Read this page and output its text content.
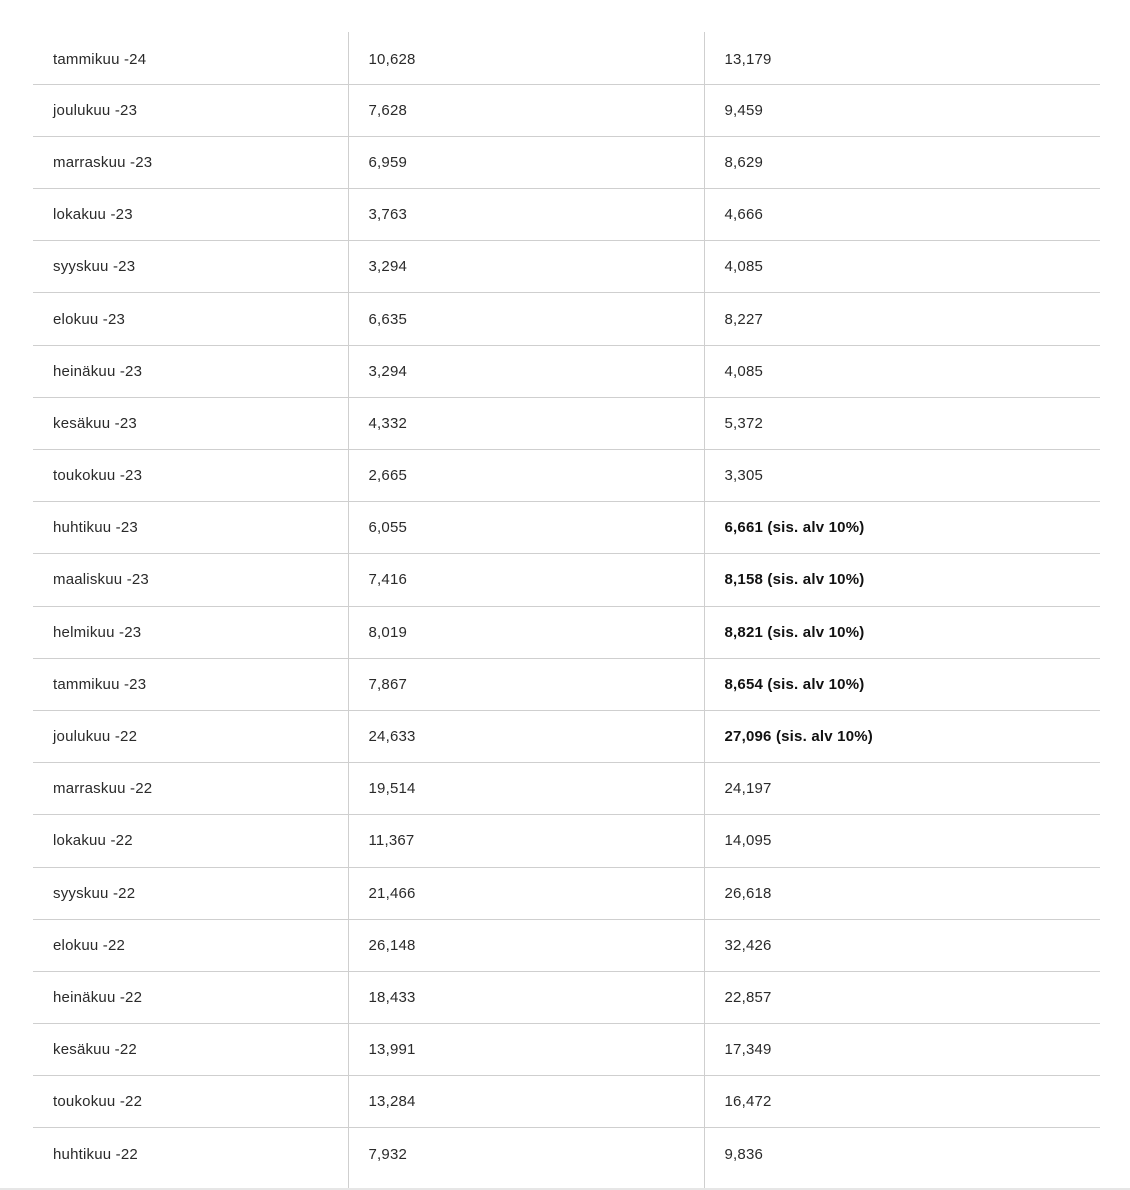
tammikuu -24	10,628	13,179
joulukuu -23	7,628	9,459
marraskuu -23	6,959	8,629
lokakuu -23	3,763	4,666
syyskuu -23	3,294	4,085
elokuu -23	6,635	8,227
heinäkuu -23	3,294	4,085
kesäkuu -23	4,332	5,372
toukokuu -23	2,665	3,305
huhtikuu -23	6,055	6,661 (sis. alv 10%)
maaliskuu -23	7,416	8,158 (sis. alv 10%)
helmikuu -23	8,019	8,821 (sis. alv 10%)
tammikuu -23	7,867	8,654 (sis. alv 10%)
joulukuu -22	24,633	27,096 (sis. alv 10%)
marraskuu -22	19,514	24,197
lokakuu -22	11,367	14,095
syyskuu -22	21,466	26,618
elokuu -22	26,148	32,426
heinäkuu -22	18,433	22,857
kesäkuu -22	13,991	17,349
toukokuu -22	13,284	16,472
huhtikuu -22	7,932	9,836
